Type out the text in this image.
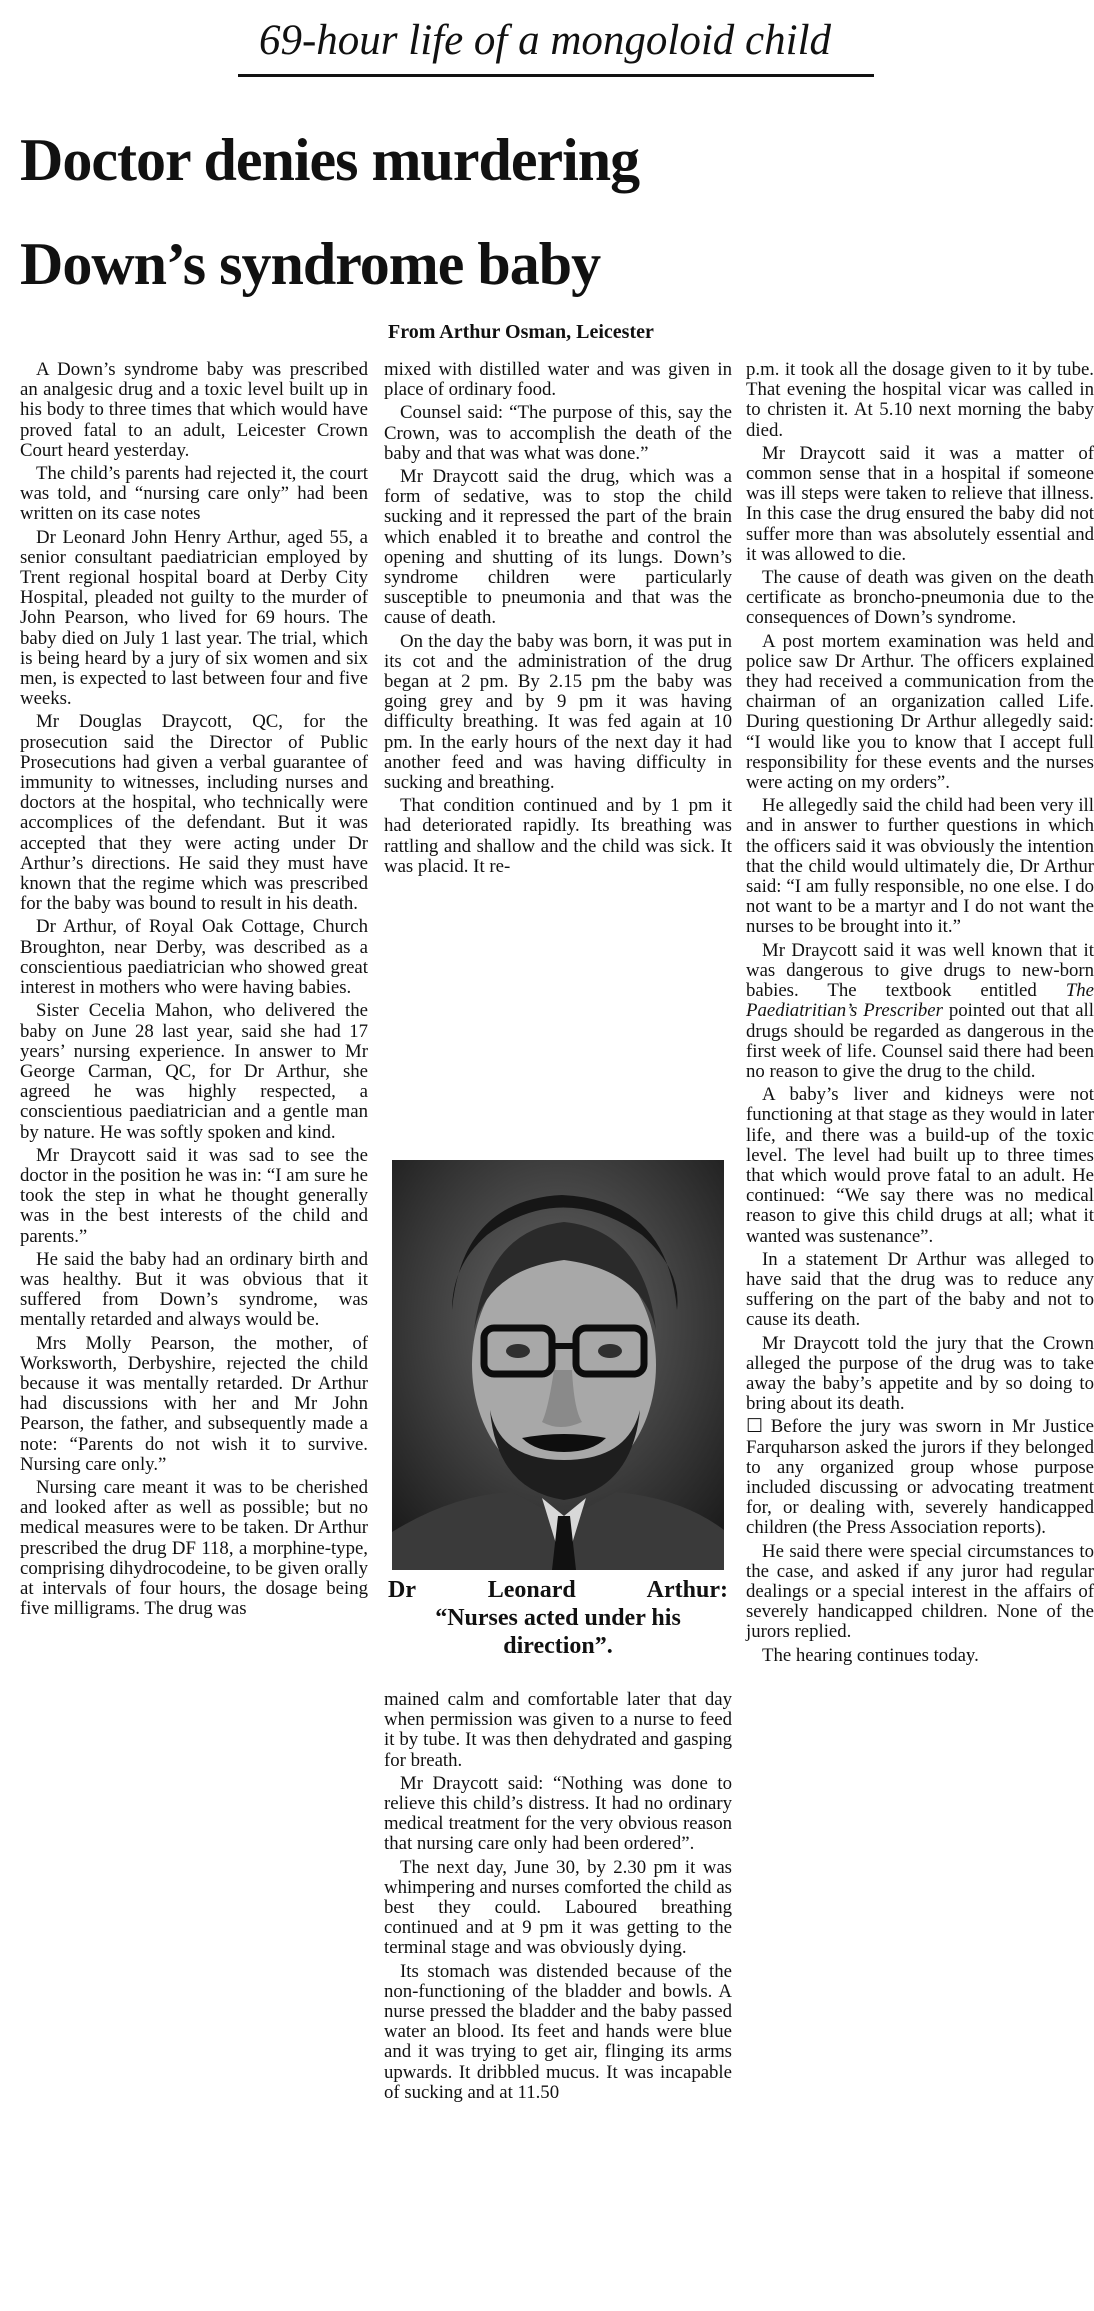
69-hour life of a mongoloid child
Doctor denies murdering
Down’s syndrome baby
From Arthur Osman, Leicester

A Down’s syndrome baby was prescribed an analgesic drug and a toxic level built up in his body to three times that which would have proved fatal to an adult, Leicester Crown Court heard yesterday.

The child’s parents had rejected it, the court was told, and “nursing care only” had been written on its case notes

Dr Leonard John Henry Arthur, aged 55, a senior consultant paediatrician employed by Trent regional hospital board at Derby City Hospital, pleaded not guilty to the murder of John Pearson, who lived for 69 hours. The baby died on July 1 last year. The trial, which is being heard by a jury of six women and six men, is expected to last between four and five weeks.

Mr Douglas Draycott, QC, for the prosecution said the Director of Public Prosecutions had given a verbal guarantee of immunity to witnesses, including nurses and doctors at the hospital, who technically were accomplices of the defendant. But it was accepted that they were acting under Dr Arthur’s directions. He said they must have known that the regime which was prescribed for the baby was bound to result in his death.

Dr Arthur, of Royal Oak Cottage, Church Broughton, near Derby, was described as a conscientious paediatrician who showed great interest in mothers who were having babies.

Sister Cecelia Mahon, who delivered the baby on June 28 last year, said she had 17 years’ nursing experience. In answer to Mr George Carman, QC, for Dr Arthur, she agreed he was highly respected, a conscientious paediatrician and a gentle man by nature. He was softly spoken and kind.

Mr Draycott said it was sad to see the doctor in the position he was in: “I am sure he took the step in what he thought generally was in the best interests of the child and parents.”

He said the baby had an ordinary birth and was healthy. But it was obvious that it suffered from Down’s syndrome, was mentally retarded and always would be.

Mrs Molly Pearson, the mother, of Worksworth, Derbyshire, rejected the child because it was mentally retarded. Dr Arthur had discussions with her and Mr John Pearson, the father, and subsequently made a note: “Parents do not wish it to survive. Nursing care only.”

Nursing care meant it was to be cherished and looked after as well as possible; but no medical measures were to be taken. Dr Arthur prescribed the drug DF 118, a morphine-type, comprising dihydrocodeine, to be given orally at intervals of four hours, the dosage being five milligrams. The drug was

mixed with distilled water and was given in place of ordinary food.

Counsel said: “The purpose of this, say the Crown, was to accomplish the death of the baby and that was what was done.”

Mr Draycott said the drug, which was a form of sedative, was to stop the child sucking and it repressed the part of the brain which enabled it to breathe and control the opening and shutting of its lungs. Down’s syndrome children were particularly susceptible to pneumonia and that was the cause of death.

On the day the baby was born, it was put in its cot and the administration of the drug began at 2 pm. By 2.15 pm the baby was going grey and by 9 pm it was having difficulty breathing. It was fed again at 10 pm. In the early hours of the next day it had another feed and was having difficulty in sucking and breathing.

That condition continued and by 1 pm it had deteriorated rapidly. Its breathing was rattling and shallow and the child was sick. It was placid. It re-

Dr Leonard Arthur:
“Nurses acted under his direction”.

mained calm and comfortable later that day when permission was given to a nurse to feed it by tube. It was then dehydrated and gasping for breath.

Mr Draycott said: “Nothing was done to relieve this child’s distress. It had no ordinary medical treatment for the very obvious reason that nursing care only had been ordered”.

The next day, June 30, by 2.30 pm it was whimpering and nurses comforted the child as best they could. Laboured breathing continued and at 9 pm it was getting to the terminal stage and was obviously dying.

Its stomach was distended because of the non-functioning of the bladder and bowls. A nurse pressed the bladder and the baby passed water an blood. Its feet and hands were blue and it was trying to get air, flinging its arms upwards. It dribbled mucus. It was incapable of sucking and at 11.50

p.m. it took all the dosage given to it by tube. That evening the hospital vicar was called in to christen it. At 5.10 next morning the baby died.

Mr Draycott said it was a matter of common sense that in a hospital if someone was ill steps were taken to relieve that illness. In this case the drug ensured the baby did not suffer more than was absolutely essential and it was allowed to die.

The cause of death was given on the death certificate as broncho-pneumonia due to the consequences of Down’s syndrome.

A post mortem examination was held and police saw Dr Arthur. The officers explained they had received a communication from the chairman of an organization called Life. During questioning Dr Arthur allegedly said: “I would like you to know that I accept full responsibility for these events and the nurses were acting on my orders”.

He allegedly said the child had been very ill and in answer to further questions in which the officers said it was obviously the intention that the child would ultimately die, Dr Arthur said: “I am fully responsible, no one else. I do not want to be a martyr and I do not want the nurses to be brought into it.”

Mr Draycott said it was well known that it was dangerous to give drugs to new-born babies. The textbook entitled The Paediatritian’s Prescriber pointed out that all drugs should be regarded as dangerous in the first week of life. Counsel said there had been no reason to give the drug to the child.

A baby’s liver and kidneys were not functioning at that stage as they would in later life, and there was a build-up of the toxic level. The level had built up to three times that which would prove fatal to an adult. He continued: “We say there was no medical reason to give this child drugs at all; what it wanted was sustenance”.

In a statement Dr Arthur was alleged to have said that the drug was to reduce any suffering on the part of the baby and not to cause its death.

Mr Draycott told the jury that the Crown alleged the purpose of the drug was to take away the baby’s appetite and by so doing to bring about its death.

☐ Before the jury was sworn in Mr Justice Farquharson asked the jurors if they belonged to any organized group whose purpose included discussing or advocating treatment for, or dealing with, severely handicapped children (the Press Association reports).

He said there were special circumstances to the case, and asked if any juror had regular dealings or a special interest in the affairs of severely handicapped children. None of the jurors replied.

The hearing continues today.
